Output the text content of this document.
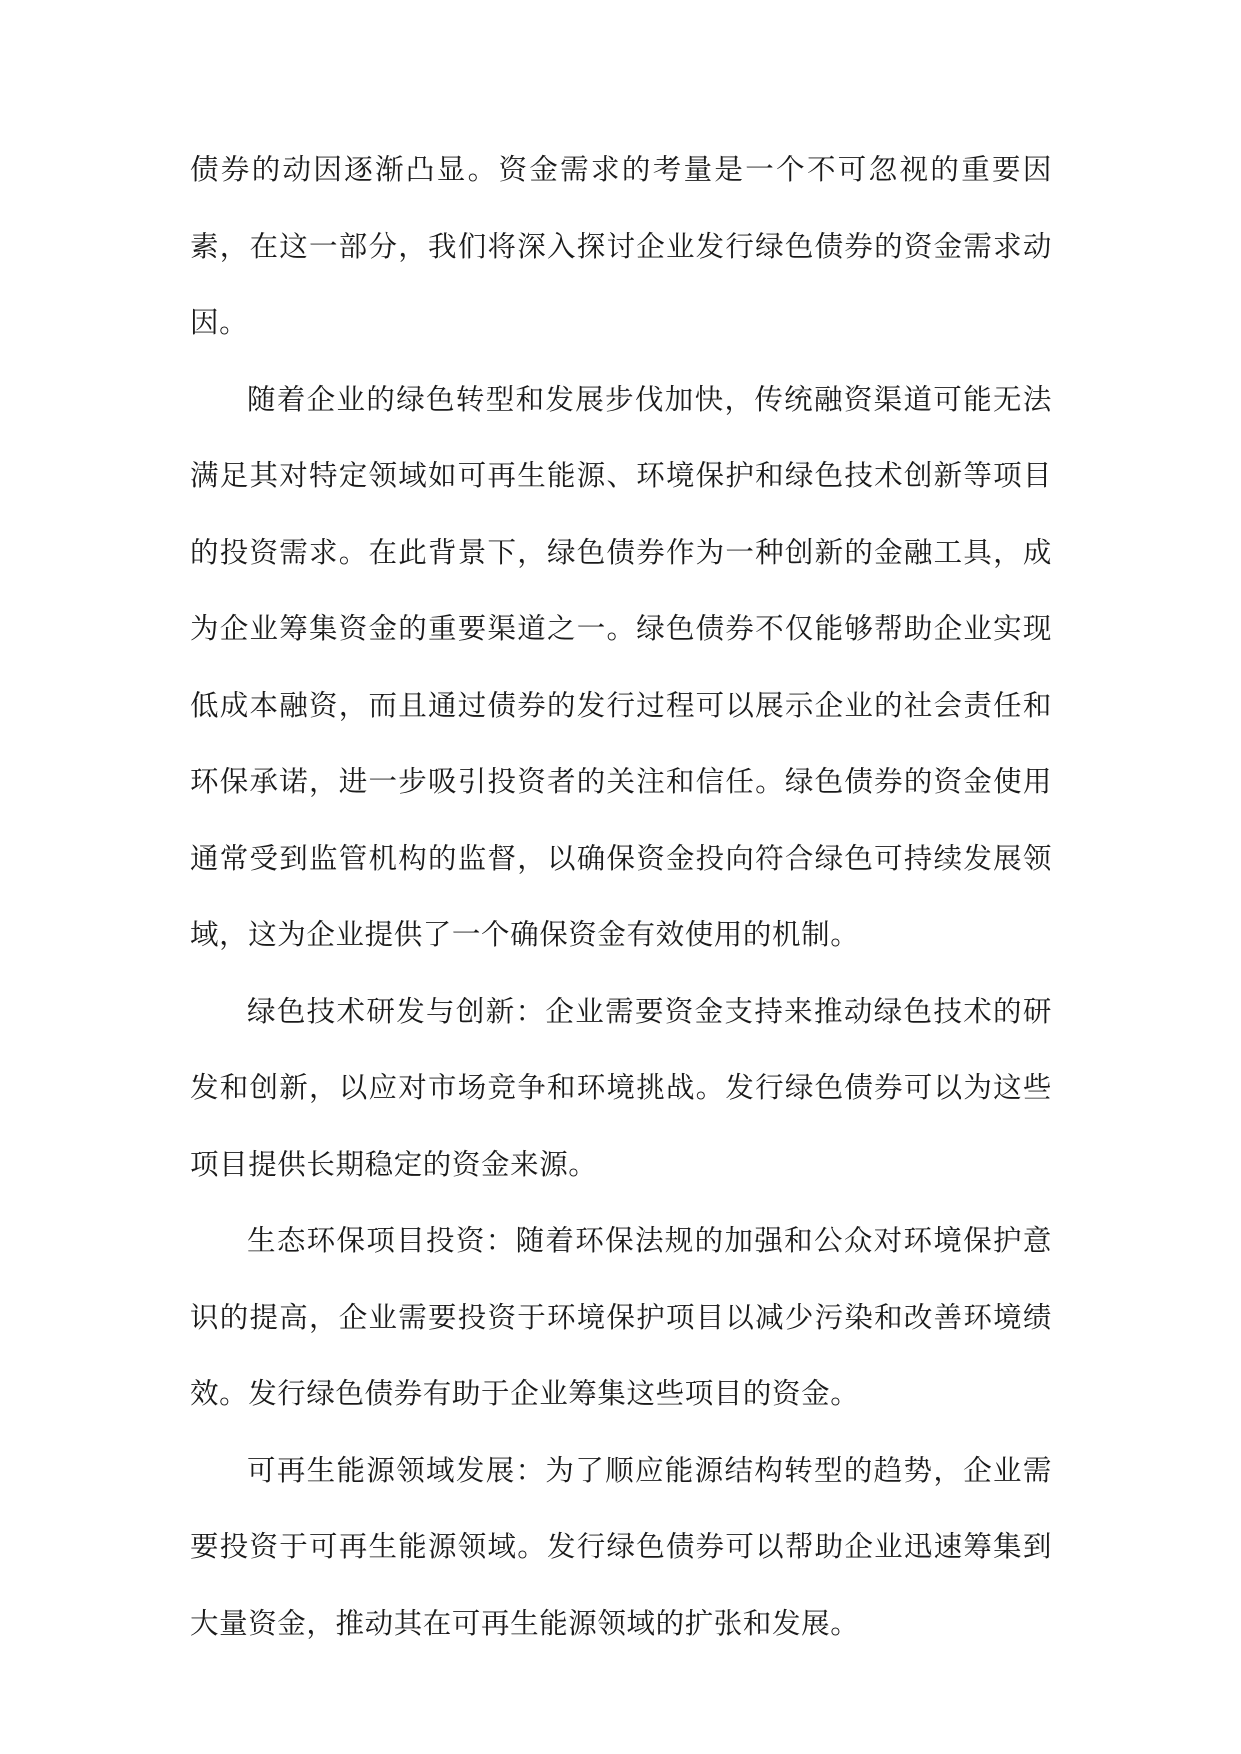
债券的动因逐渐凸显。资金需求的考量是一个不可忽视的重要因素，在这一部分，我们将深入探讨企业发行绿色债券的资金需求动因。

随着企业的绿色转型和发展步伐加快，传统融资渠道可能无法满足其对特定领域如可再生能源、环境保护和绿色技术创新等项目的投资需求。在此背景下，绿色债券作为一种创新的金融工具，成为企业筹集资金的重要渠道之一。绿色债券不仅能够帮助企业实现低成本融资，而且通过债券的发行过程可以展示企业的社会责任和环保承诺，进一步吸引投资者的关注和信任。绿色债券的资金使用通常受到监管机构的监督，以确保资金投向符合绿色可持续发展领域，这为企业提供了一个确保资金有效使用的机制。

绿色技术研发与创新：企业需要资金支持来推动绿色技术的研发和创新，以应对市场竞争和环境挑战。发行绿色债券可以为这些项目提供长期稳定的资金来源。

生态环保项目投资：随着环保法规的加强和公众对环境保护意识的提高，企业需要投资于环境保护项目以减少污染和改善环境绩效。发行绿色债券有助于企业筹集这些项目的资金。

可再生能源领域发展：为了顺应能源结构转型的趋势，企业需要投资于可再生能源领域。发行绿色债券可以帮助企业迅速筹集到大量资金，推动其在可再生能源领域的扩张和发展。
